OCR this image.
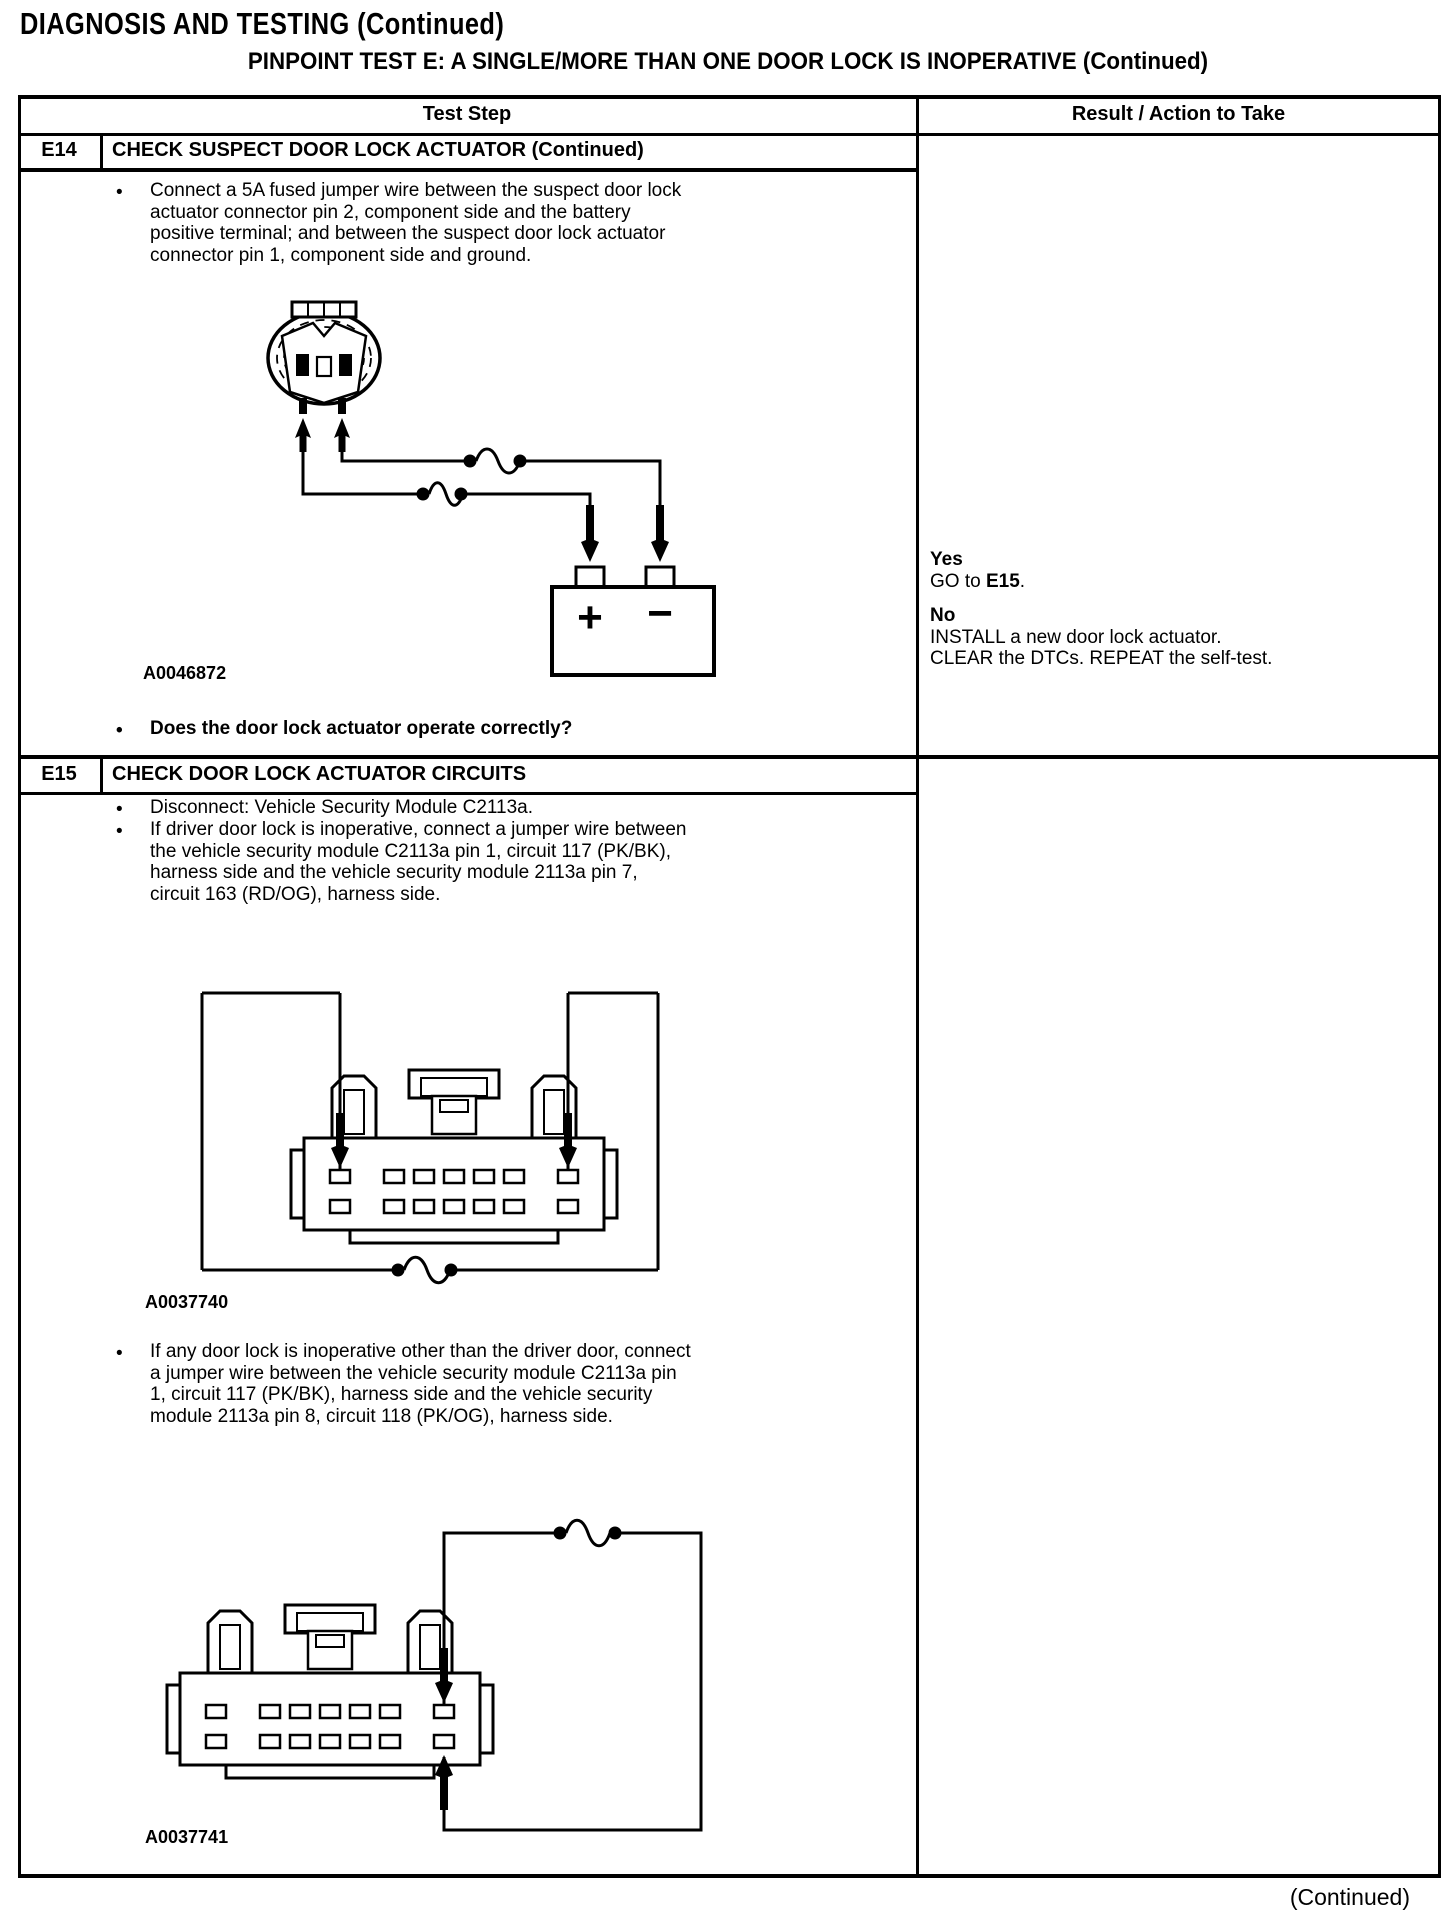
DIAGNOSIS AND TESTING (Continued)
PINPOINT TEST E: A SINGLE/MORE THAN ONE DOOR LOCK IS INOPERATIVE (Continued)
Test Step	Result / Action to Take
E14	CHECK SUSPECT DOOR LOCK ACTUATOR (Continued)
• Connect a 5A fused jumper wire between the suspect door lock
actuator connector pin 2, component side and the battery
positive terminal; and between the suspect door lock actuator
connector pin 1, component side and ground.
+ −
A0046872
• Does the door lock actuator operate correctly?
Yes
GO to E15.
No
INSTALL a new door lock actuator.
CLEAR the DTCs. REPEAT the self-test.
E15	CHECK DOOR LOCK ACTUATOR CIRCUITS
• Disconnect: Vehicle Security Module C2113a.
• If driver door lock is inoperative, connect a jumper wire between
the vehicle security module C2113a pin 1, circuit 117 (PK/BK),
harness side and the vehicle security module 2113a pin 7,
circuit 163 (RD/OG), harness side.
A0037740
• If any door lock is inoperative other than the driver door, connect
a jumper wire between the vehicle security module C2113a pin
1, circuit 117 (PK/BK), harness side and the vehicle security
module 2113a pin 8, circuit 118 (PK/OG), harness side.
A0037741
(Continued)
